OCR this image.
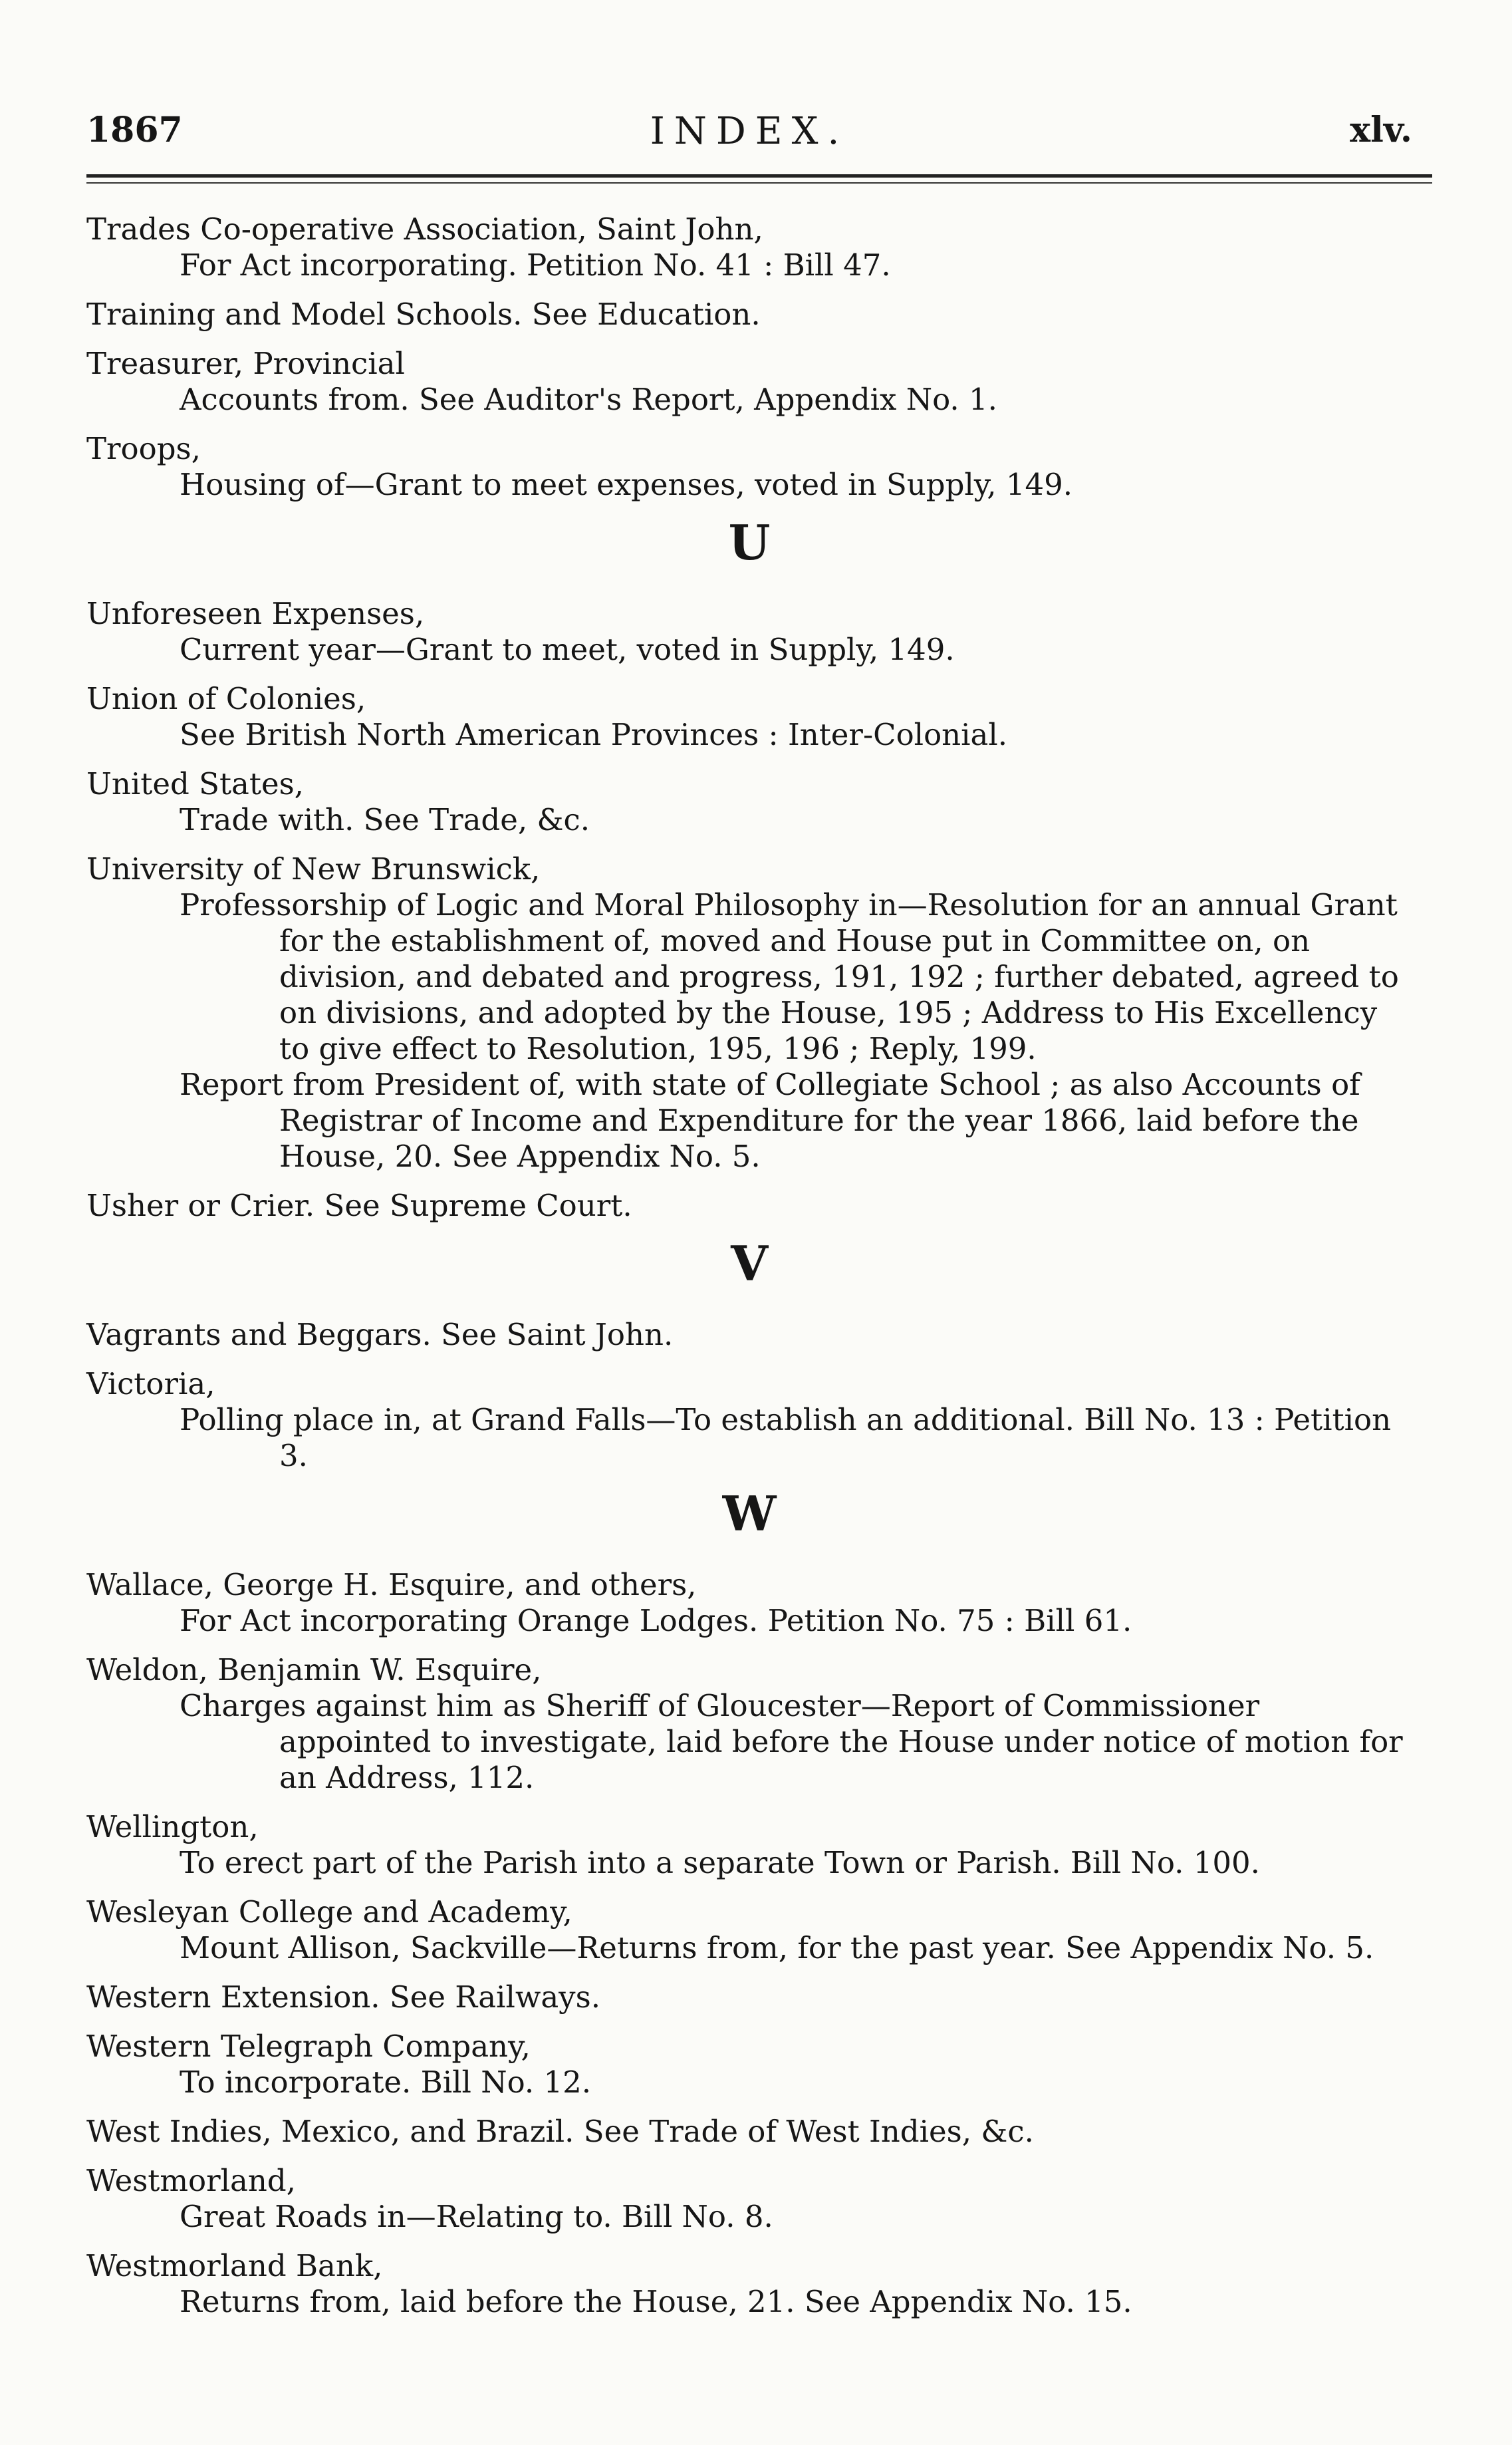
1867	INDEX.	xlv.
Trades Co-operative Association, Saint John,
For Act incorporating. Petition No. 41 : Bill 47.
Training and Model Schools. See Education.
Treasurer, Provincial
Accounts from. See Auditor's Report, Appendix No. 1.
Troops,
Housing of—Grant to meet expenses, voted in Supply, 149.
U
Unforeseen Expenses,
Current year—Grant to meet, voted in Supply, 149.
Union of Colonies,
See British North American Provinces : Inter-Colonial.
United States,
Trade with. See Trade, &c.
University of New Brunswick,
Professorship of Logic and Moral Philosophy in—Resolution for an annual Grant for the establishment of, moved and House put in Committee on, on division, and debated and progress, 191, 192 ; further debated, agreed to on divisions, and adopted by the House, 195 ; Address to His Excellency to give effect to Resolution, 195, 196 ; Reply, 199.
Report from President of, with state of Collegiate School ; as also Accounts of Registrar of Income and Expenditure for the year 1866, laid before the House, 20. See Appendix No. 5.
Usher or Crier. See Supreme Court.
V
Vagrants and Beggars. See Saint John.
Victoria,
Polling place in, at Grand Falls—To establish an additional. Bill No. 13 : Petition 3.
W
Wallace, George H. Esquire, and others,
For Act incorporating Orange Lodges. Petition No. 75 : Bill 61.
Weldon, Benjamin W. Esquire,
Charges against him as Sheriff of Gloucester—Report of Commissioner appointed to investigate, laid before the House under notice of motion for an Address, 112.
Wellington,
To erect part of the Parish into a separate Town or Parish. Bill No. 100.
Wesleyan College and Academy,
Mount Allison, Sackville—Returns from, for the past year. See Appendix No. 5.
Western Extension. See Railways.
Western Telegraph Company,
To incorporate. Bill No. 12.
West Indies, Mexico, and Brazil. See Trade of West Indies, &c.
Westmorland,
Great Roads in—Relating to. Bill No. 8.
Westmorland Bank,
Returns from, laid before the House, 21. See Appendix No. 15.
